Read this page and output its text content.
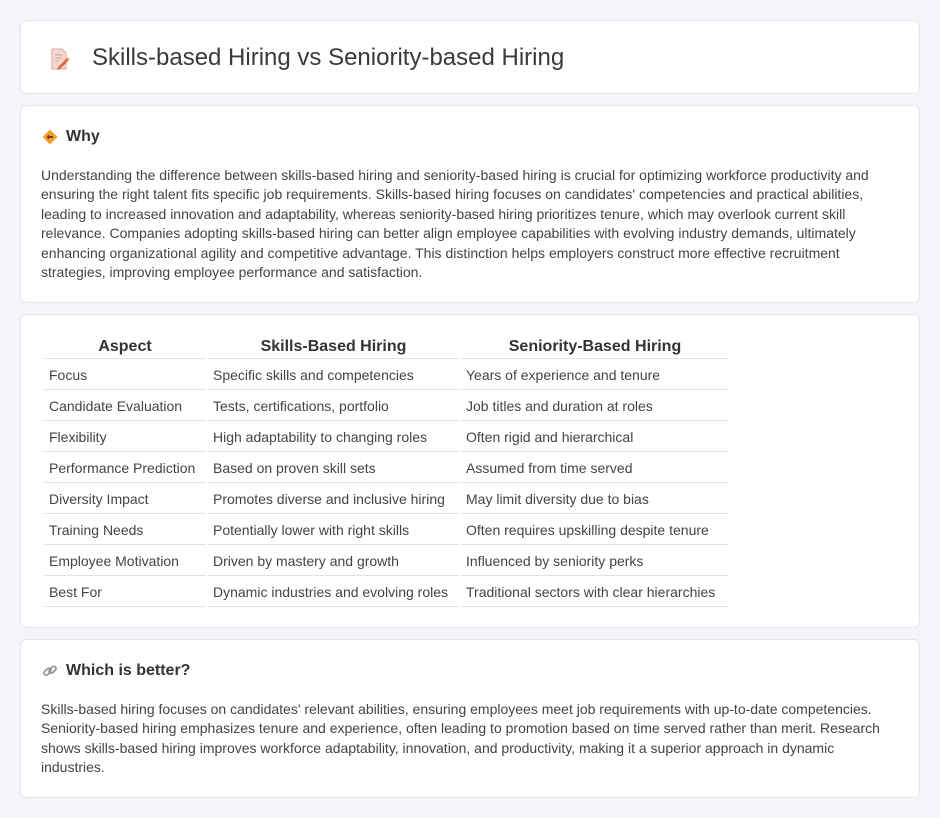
Skills-based Hiring vs Seniority-based Hiring
Why

Understanding the difference between skills-based hiring and seniority-based hiring is crucial for optimizing workforce productivity and ensuring the right talent fits specific job requirements. Skills-based hiring focuses on candidates' competencies and practical abilities, leading to increased innovation and adaptability, whereas seniority-based hiring prioritizes tenure, which may overlook current skill relevance. Companies adopting skills-based hiring can better align employee capabilities with evolving industry demands, ultimately enhancing organizational agility and competitive advantage. This distinction helps employers construct more effective recruitment strategies, improving employee performance and satisfaction.

Aspect	Skills-Based Hiring	Seniority-Based Hiring
Focus	Specific skills and competencies	Years of experience and tenure
Candidate Evaluation	Tests, certifications, portfolio	Job titles and duration at roles
Flexibility	High adaptability to changing roles	Often rigid and hierarchical
Performance Prediction	Based on proven skill sets	Assumed from time served
Diversity Impact	Promotes diverse and inclusive hiring	May limit diversity due to bias
Training Needs	Potentially lower with right skills	Often requires upskilling despite tenure
Employee Motivation	Driven by mastery and growth	Influenced by seniority perks
Best For	Dynamic industries and evolving roles	Traditional sectors with clear hierarchies
Which is better?

Skills-based hiring focuses on candidates' relevant abilities, ensuring employees meet job requirements with up-to-date competencies. Seniority-based hiring emphasizes tenure and experience, often leading to promotion based on time served rather than merit. Research shows skills-based hiring improves workforce adaptability, innovation, and productivity, making it a superior approach in dynamic industries.
